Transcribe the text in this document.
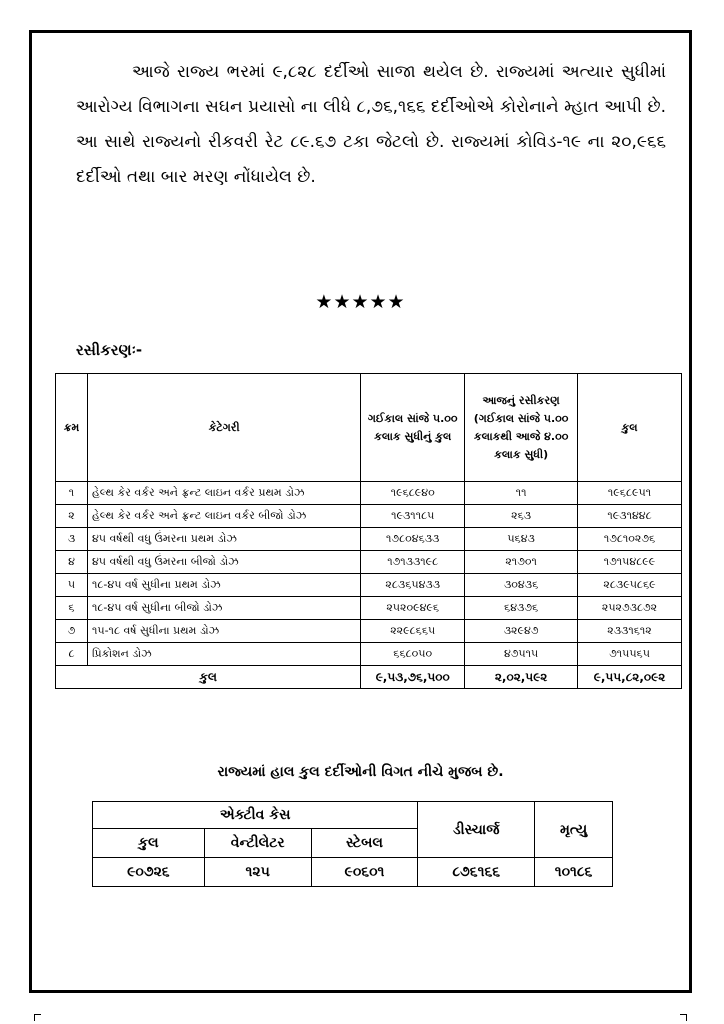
આજે રાજ્ય ભરમાં ૯,૮૨૮ દર્દીઓ સાજા થયેલ છે. રાજ્યમાં અત્યાર સુધીમાં આરોગ્ય વિભાગના સઘન પ્રયાસો ના લીધે ૮,૭૬,૧૬૬ દર્દીઓએ કોરોનાને મ્હાત આપી છે. આ સાથે રાજ્યનો રીકવરી રેટ ૮૯.૬૭ ટકા જેટલો છે. રાજ્યમાં કોવિડ-૧૯ ના ૨૦,૯૬૬ દર્દીઓ તથા બાર મરણ નોંધાયેલ છે.

★★★★★
રસીકરણઃ-
ક્રમ	કેટેગરી	ગઈકાલ સાંજે ૫.૦૦ કલાક સુધીનું કુલ	આજનું રસીકરણ (ગઈકાલ સાંજે ૫.૦૦ કલાકથી આજે ૪.૦૦ કલાક સુધી)	કુલ
૧	હેલ્થ કેર વર્કર અને ફ્રન્ટ લાઇન વર્કર પ્રથમ ડોઝ	૧૯૬૮૯૪૦	૧૧	૧૯૬૮૯૫૧
૨	હેલ્થ કેર વર્કર અને ફ્રન્ટ લાઇન વર્કર બીજો ડોઝ	૧૯૩૧૧૮૫	૨૬૩	૧૯૩૧૪૪૮
૩	૪૫ વર્ષથી વધુ ઉંમરના પ્રથમ ડોઝ	૧૭૮૦૪૬૩૩	૫૬૪૩	૧૭૮૧૦૨૭૬
૪	૪૫ વર્ષથી વધુ ઉંમરના બીજો ડોઝ	૧૭૧૩૩૧૯૮	૨૧૭૦૧	૧૭૧૫૪૮૯૯
૫	૧૮-૪૫ વર્ષ સુધીના પ્રથમ ડોઝ	૨૮૩૬૫૪૩૩	૩૦૪૩૬	૨૮૩૯૫૮૬૯
૬	૧૮-૪૫ વર્ષ સુધીના બીજો ડોઝ	૨૫૨૦૯૪૯૬	૬૪૩૭૬	૨૫૨૭૩૮૭૨
૭	૧૫-૧૮ વર્ષ સુધીના પ્રથમ ડોઝ	૨૨૯૮૬૬૫	૩૨૯૪૭	૨૩૩૧૬૧૨
૮	પ્રિકોશન ડોઝ	૬૬૮૦૫૦	૪૭૫૧૫	૭૧૫૫૬૫
કુલ		૯,૫૩,૭૬,૫૦૦	૨,૦૨,૫૯૨	૯,૫૫,૮૨,૦૯૨
રાજ્યમાં હાલ કુલ દર્દીઓની વિગત નીચે મુજબ છે.
એક્ટીવ કેસ			ડીસ્ચાર્જ	મૃત્યુ
કુલ	વેન્ટીલેટર	સ્ટેબલ		
૯૦૭૨૬	૧૨૫	૯૦૬૦૧	૮૭૬૧૬૬	૧૦૧૮૬
